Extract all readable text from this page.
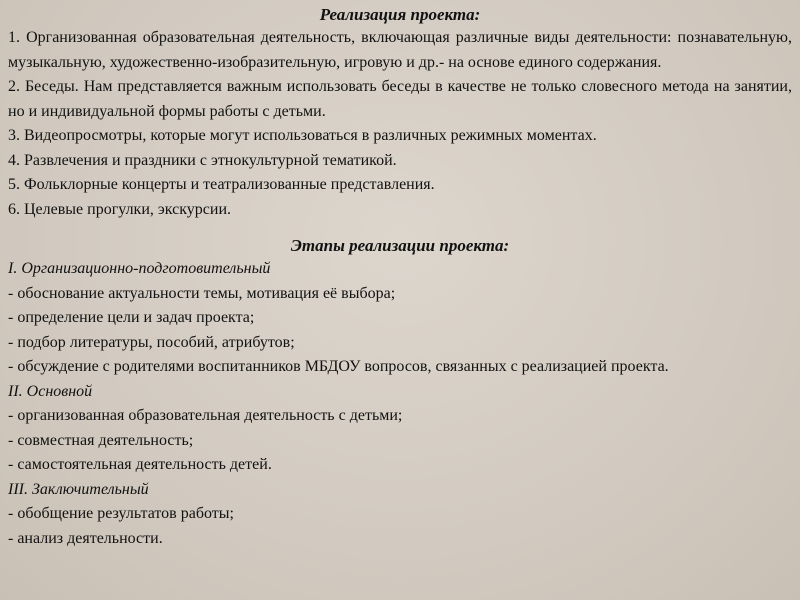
Реализация проекта:

1. Организованная образовательная деятельность, включающая различные виды деятельности: познавательную, музыкальную, художественно-изобразительную, игровую и др.- на основе единого содержания.

2. Беседы. Нам представляется важным использовать беседы в качестве не только словесного метода на занятии, но и индивидуальной формы работы с детьми.

3. Видеопросмотры, которые могут использоваться в различных режимных моментах.

4. Развлечения и праздники с этнокультурной тематикой.

5. Фольклорные концерты и театрализованные представления.

6. Целевые прогулки, экскурсии.

Этапы реализации проекта:

I. Организационно-подготовительный

- обоснование актуальности темы, мотивация её выбора;

- определение цели и задач проекта;

- подбор литературы, пособий, атрибутов;

- обсуждение с родителями воспитанников МБДОУ вопросов, связанных с реализацией проекта.

II. Основной

- организованная образовательная деятельность с детьми;

- совместная деятельность;

- самостоятельная деятельность детей.

III. Заключительный

- обобщение результатов работы;

- анализ деятельности.
